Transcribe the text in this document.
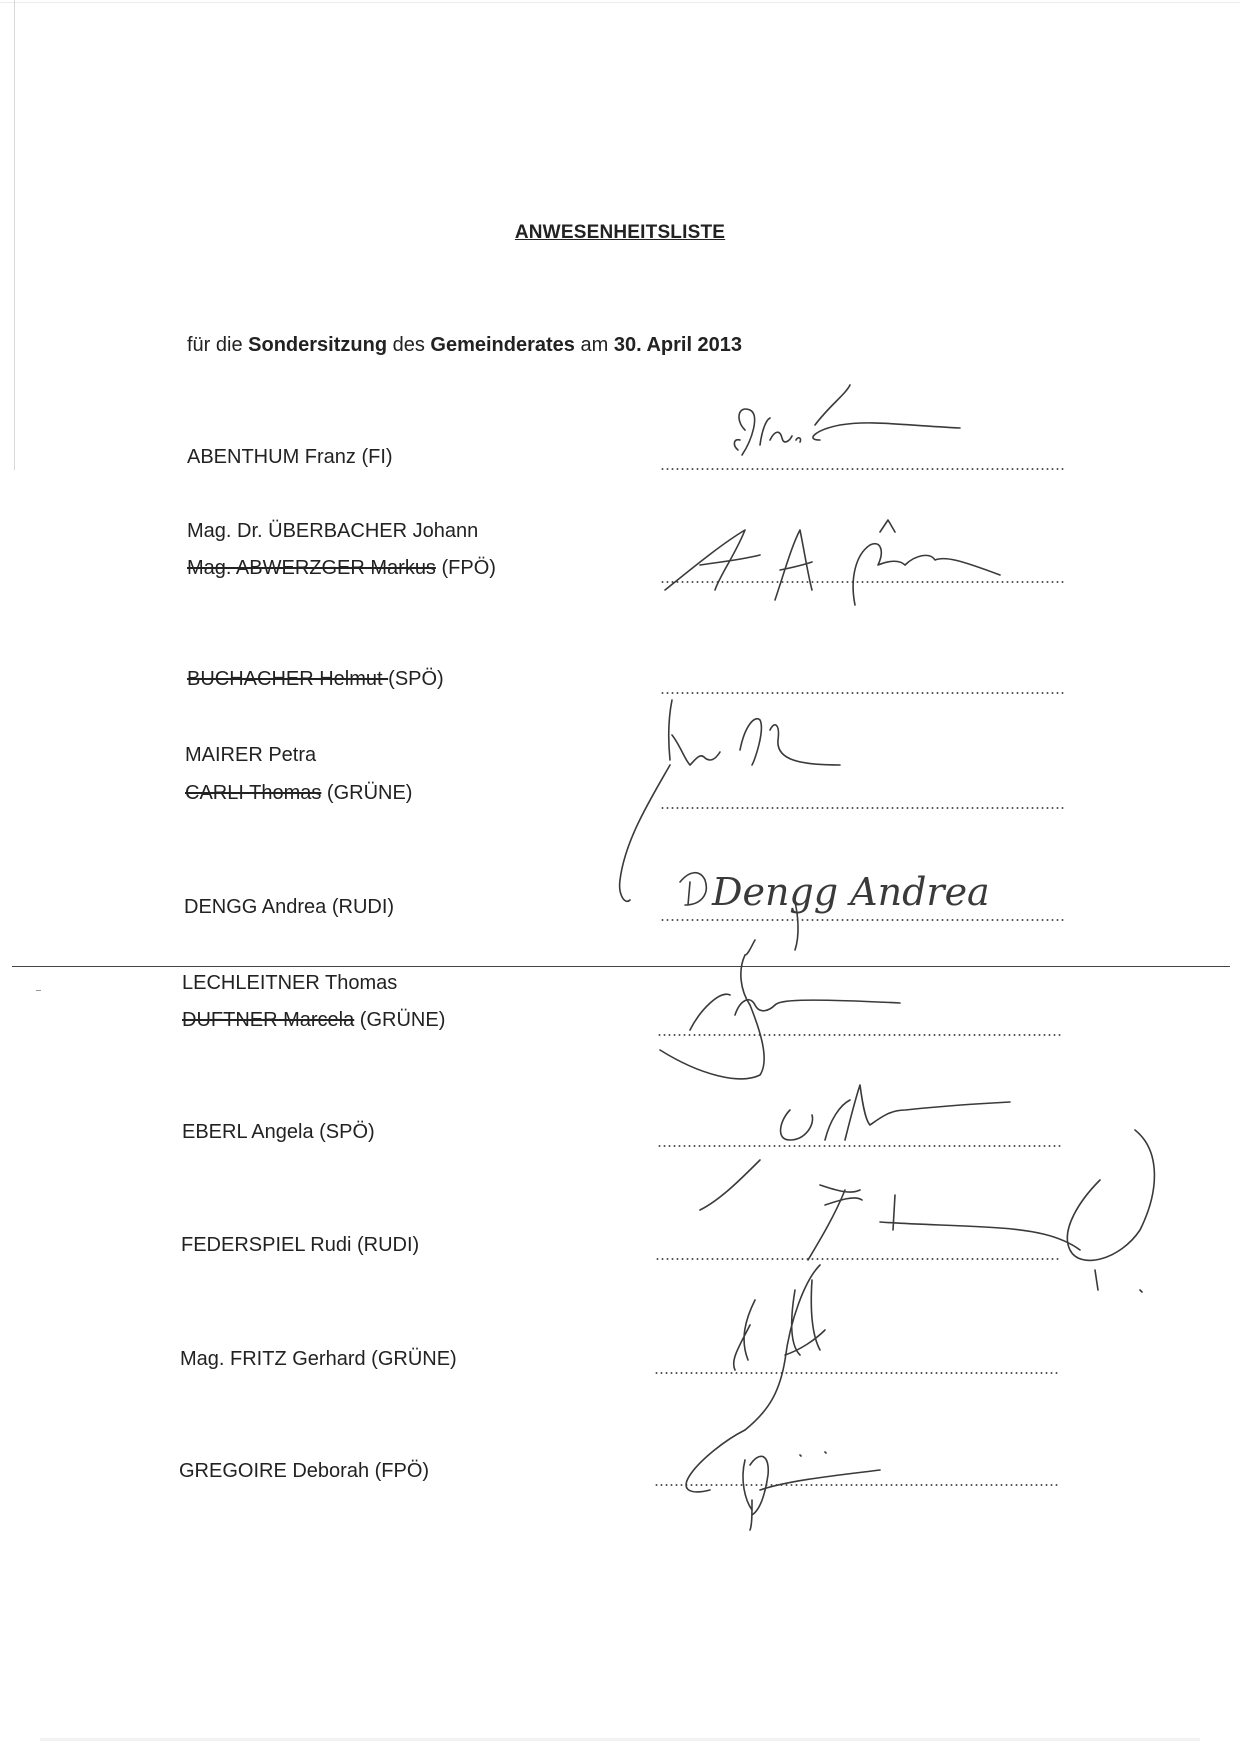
ANWESENHEITSLISTE
für die Sondersitzung des Gemeinderates am 30. April 2013
ABENTHUM Franz (FI)
Mag. Dr. ÜBERBACHER Johann
Mag. ABWERZGER Markus (FPÖ)
BUCHACHER Helmut (SPÖ)
MAIRER Petra
CARLI Thomas (GRÜNE)
DENGG Andrea (RUDI)
LECHLEITNER Thomas
DUFTNER Marcela (GRÜNE)
EBERL Angela (SPÖ)
FEDERSPIEL Rudi (RUDI)
Mag. FRITZ Gerhard (GRÜNE)
GREGOIRE Deborah (FPÖ)
Dengg Andrea
